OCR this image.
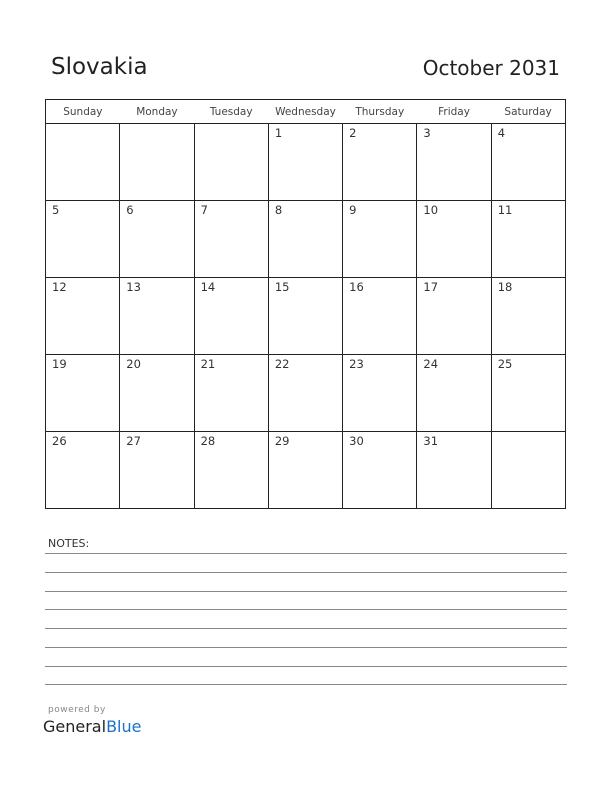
Slovakia	October 2031
Sunday	Monday	Tuesday	Wednesday	Thursday	Friday	Saturday

			1	2	3	4

5	6	7	8	9	10	11

12	13	14	15	16	17	18

19	20	21	22	23	24	25

26	27	28	29	30	31	

NOTES:
powered by
GeneralBlue
